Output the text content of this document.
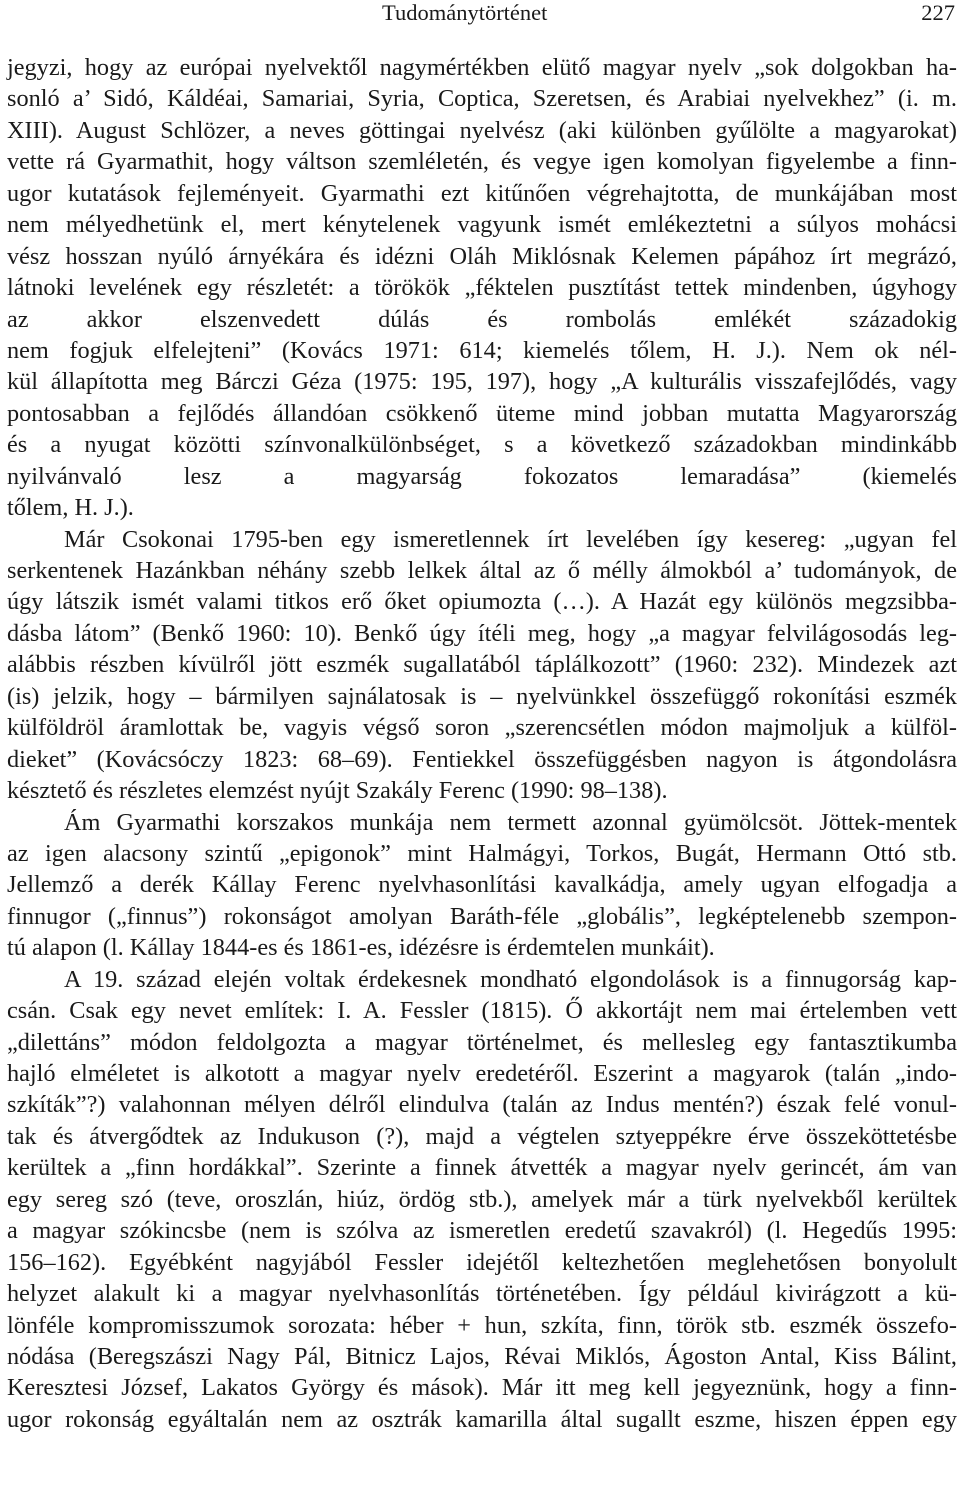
Tudománytörténet	227
jegyzi, hogy az európai nyelvektől nagymértékben elütő magyar nyelv „sok dolgokban ha-
sonló a’ Sidó, Káldéai, Samariai, Syria, Coptica, Szeretsen, és Arabiai nyelvekhez” (i. m.
XIII). August Schlözer, a neves göttingai nyelvész (aki különben gyűlölte a magyarokat)
vette rá Gyarmathit, hogy váltson szemléletén, és vegye igen komolyan figyelembe a finn-
ugor kutatások fejleményeit. Gyarmathi ezt kitűnően végrehajtotta, de munkájában most
nem mélyedhetünk el, mert kénytelenek vagyunk ismét emlékeztetni a súlyos mohácsi
vész hosszan nyúló árnyékára és idézni Oláh Miklósnak Kelemen pápához írt megrázó,
látnoki levelének egy részletét: a törökök „féktelen pusztítást tettek mindenben, úgyhogy
az akkor elszenvedett dúlás és rombolás emlékét századokig
nem fogjuk elfelejteni” (Kovács 1971: 614; kiemelés tőlem, H. J.). Nem ok nél-
kül állapította meg Bárczi Géza (1975: 195, 197), hogy „A kulturális visszafejlődés, vagy
pontosabban a fejlődés állandóan csökkenő üteme mind jobban mutatta Magyarország
és a nyugat közötti színvonalkülönbséget, s a következő századokban mindinkább
nyilvánvaló lesz a magyarság fokozatos lemaradása” (kiemelés
tőlem, H. J.).
Már Csokonai 1795-ben egy ismeretlennek írt levelében így kesereg: „ugyan fel
serkentenek Hazánkban néhány szebb lelkek által az ő mélly álmokból a’ tudományok, de
úgy látszik ismét valami titkos erő őket opiumozta (…). A Hazát egy különös megzsibba-
dásba látom” (Benkő 1960: 10). Benkő úgy ítéli meg, hogy „a magyar felvilágosodás leg-
alábbis részben kívülről jött eszmék sugallatából táplálkozott” (1960: 232). Mindezek azt
(is) jelzik, hogy – bármilyen sajnálatosak is – nyelvünkkel összefüggő rokonítási eszmék
külföldröl áramlottak be, vagyis végső soron „szerencsétlen módon majmoljuk a külföl-
dieket” (Kovácsóczy 1823: 68–69). Fentiekkel összefüggésben nagyon is átgondolásra
késztető és részletes elemzést nyújt Szakály Ferenc (1990: 98–138).
Ám Gyarmathi korszakos munkája nem termett azonnal gyümölcsöt. Jöttek-mentek
az igen alacsony szintű „epigonok” mint Halmágyi, Torkos, Bugát, Hermann Ottó stb.
Jellemző a derék Kállay Ferenc nyelvhasonlítási kavalkádja, amely ugyan elfogadja a
finnugor („finnus”) rokonságot amolyan Baráth-féle „globális”, legképtelenebb szempon-
tú alapon (l. Kállay 1844-es és 1861-es, idézésre is érdemtelen munkáit).
A 19. század elején voltak érdekesnek mondható elgondolások is a finnugorság kap-
csán. Csak egy nevet említek: I. A. Fessler (1815). Ő akkortájt nem mai értelemben vett
„dilettáns” módon feldolgozta a magyar történelmet, és mellesleg egy fantasztikumba
hajló elméletet is alkotott a magyar nyelv eredetéről. Eszerint a magyarok (talán „indo-
szkíták”?) valahonnan mélyen délről elindulva (talán az Indus mentén?) észak felé vonul-
tak és átvergődtek az Indukuson (?), majd a végtelen sztyeppékre érve összeköttetésbe
kerültek a „finn hordákkal”. Szerinte a finnek átvették a magyar nyelv gerincét, ám van
egy sereg szó (teve, oroszlán, hiúz, ördög stb.), amelyek már a türk nyelvekből kerültek
a magyar szókincsbe (nem is szólva az ismeretlen eredetű szavakról) (l. Hegedűs 1995:
156–162). Egyébként nagyjából Fessler idejétől keltezhetően meglehetősen bonyolult
helyzet alakult ki a magyar nyelvhasonlítás történetében. Így például kivirágzott a kü-
lönféle kompromisszumok sorozata: héber + hun, szkíta, finn, török stb. eszmék összefo-
nódása (Beregszászi Nagy Pál, Bitnicz Lajos, Révai Miklós, Ágoston Antal, Kiss Bálint,
Keresztesi József, Lakatos György és mások). Már itt meg kell jegyeznünk, hogy a finn-
ugor rokonság egyáltalán nem az osztrák kamarilla által sugallt eszme, hiszen éppen egy
